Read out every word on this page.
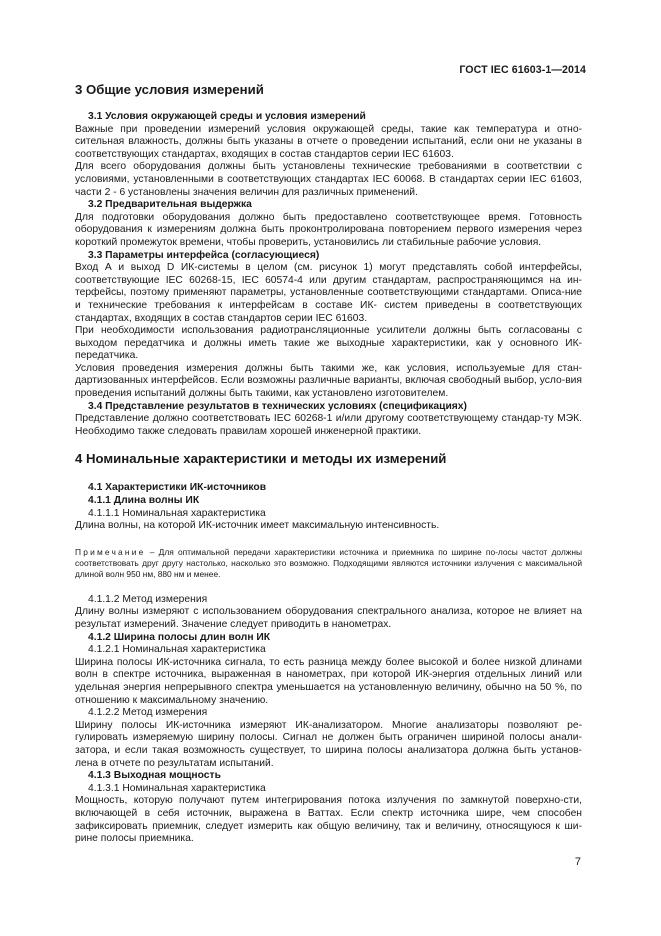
ГОСТ IEC 61603-1—2014
3 Общие условия измерений
3.1 Условия окружающей среды и условия измерений
Важные при проведении измерений условия окружающей среды, такие как температура и отно-сительная влажность, должны быть указаны в отчете о проведении испытаний, если они не указаны в соответствующих стандартах, входящих в состав стандартов серии IEC 61603.
Для всего оборудования должны быть установлены технические требованиями в соответствии с условиями, установленными в соответствующих стандартах IEC 60068. В стандартах серии IEC 61603, части 2 - 6 установлены значения величин для различных применений.
3.2 Предварительная выдержка
Для подготовки оборудования должно быть предоставлено соответствующее время. Готовность оборудования к измерениям должна быть проконтролирована повторением первого измерения через короткий промежуток времени, чтобы проверить, установились ли стабильные рабочие условия.
3.3 Параметры интерфейса (согласующиеся)
Вход А и выход D ИК-системы в целом (см. рисунок 1) могут представлять собой интерфейсы, соответствующие IEC 60268-15, IEC 60574-4 или другим стандартам, распространяющимся на ин-терфейсы, поэтому применяют параметры, установленные соответствующими стандартами. Описа-ние и технические требования к интерфейсам в составе ИК- систем приведены в соответствующих стандартах, входящих в состав стандартов серии IEC 61603.
При необходимости использования радиотрансляционные усилители должны быть согласованы с выходом передатчика и должны иметь такие же выходные характеристики, как у основного ИК-передатчика.
Условия проведения измерения должны быть такими же, как условия, используемые для стан-дартизованных интерфейсов. Если возможны различные варианты, включая свободный выбор, усло-вия проведения испытаний должны быть такими, как установлено изготовителем.
3.4 Представление результатов в технических условиях (спецификациях)
Представление должно соответствовать IEC 60268-1 и/или другому соответствующему стандар-ту МЭК. Необходимо также следовать правилам хорошей инженерной практики.
4 Номинальные характеристики и методы их измерений
4.1 Характеристики ИК-источников
4.1.1 Длина волны ИК
4.1.1.1 Номинальная характеристика
Длина волны, на которой ИК-источник имеет максимальную интенсивность.
Примечание – Для оптимальной передачи характеристики источника и приемника по ширине по-лосы частот должны соответствовать друг другу настолько, насколько это возможно. Подходящими являются источники излучения с максимальной длиной волн 950 нм, 880 нм и менее.
4.1.1.2 Метод измерения
Длину волны измеряют с использованием оборудования спектрального анализа, которое не влияет на результат измерений. Значение следует приводить в нанометрах.
4.1.2 Ширина полосы длин волн ИК
4.1.2.1 Номинальная характеристика
Ширина полосы ИК-источника сигнала, то есть разница между более высокой и более низкой длинами волн в спектре источника, выраженная в нанометрах, при которой ИК-энергия отдельных линий или удельная энергия непрерывного спектра уменьшается на установленную величину, обычно на 50 %, по отношению к максимальному значению.
4.1.2.2 Метод измерения
Ширину полосы ИК-источника измеряют ИК-анализатором. Многие анализаторы позволяют ре-гулировать измеряемую ширину полосы. Сигнал не должен быть ограничен шириной полосы анали-затора, и если такая возможность существует, то ширина полосы анализатора должна быть установ-лена в отчете по результатам испытаний.
4.1.3 Выходная мощность
4.1.3.1 Номинальная характеристика
Мощность, которую получают путем интегрирования потока излучения по замкнутой поверхно-сти, включающей в себя источник, выражена в Ваттах. Если спектр источника шире, чем способен зафиксировать приемник, следует измерить как общую величину, так и величину, относящуюся к ши-рине полосы приемника.
7
